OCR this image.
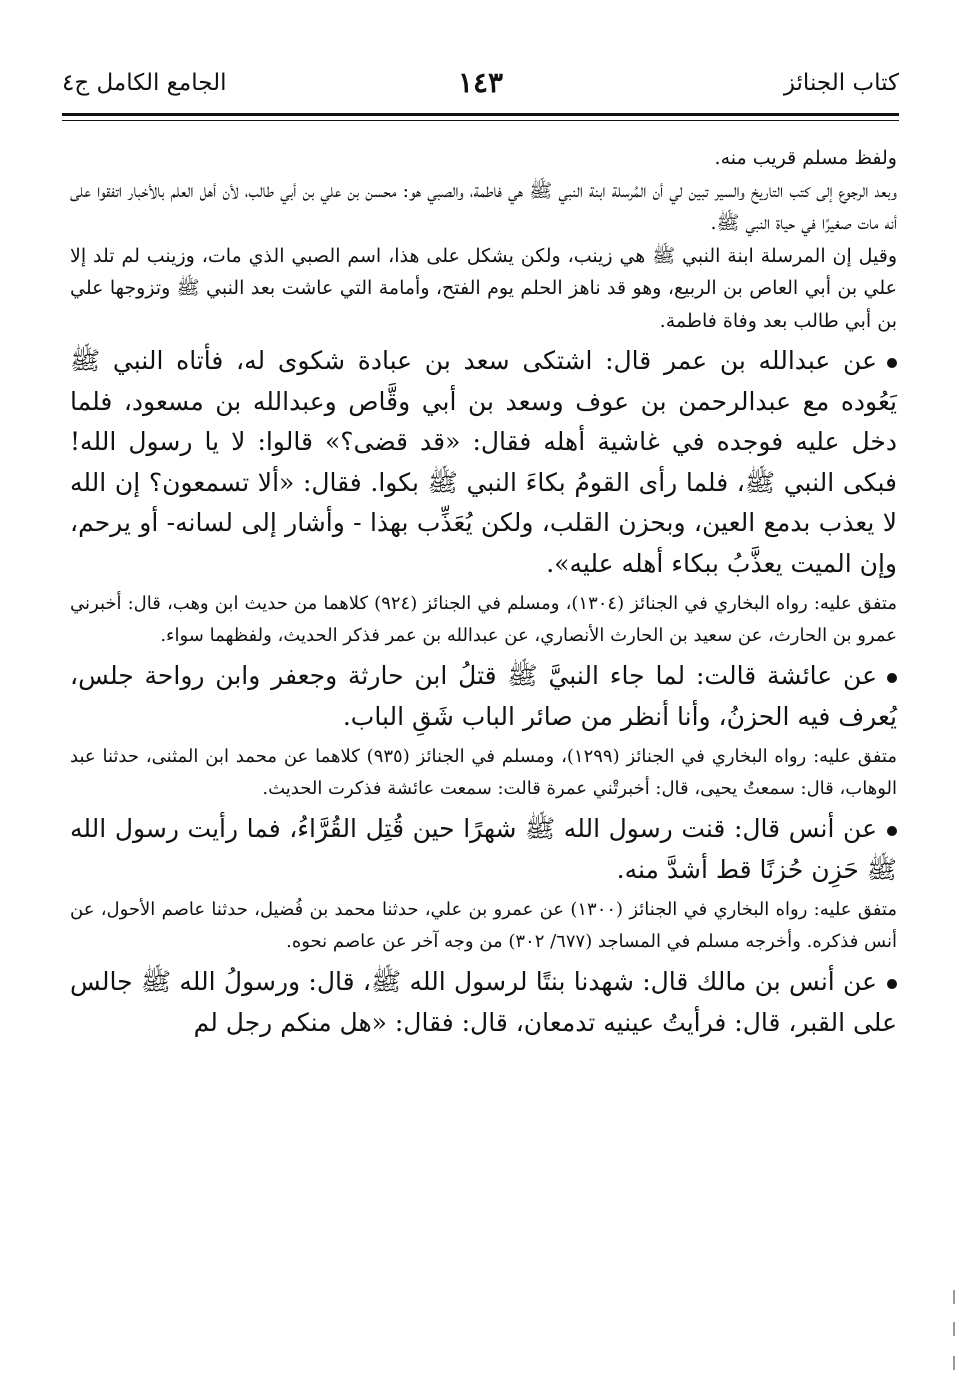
كتاب الجنائز
١٤٣
الجامع الكامل ج٤

ولفظ مسلم قريب منه.

وبعد الرجوع إلى كتب التاريخ والسير تبين لي أن المُرسلة ابنة النبي ﷺ هي فاطمة، والصبي هو: محسن بن علي بن أبي طالب، لأن أهل العلم بالأخبار اتفقوا على أنه مات صغيرًا في حياة النبي ﷺ.

وقيل إن المرسلة ابنة النبي ﷺ هي زينب، ولكن يشكل على هذا، اسم الصبي الذي مات، وزينب لم تلد إلا علي بن أبي العاص بن الربيع، وهو قد ناهز الحلم يوم الفتح، وأمامة التي عاشت بعد النبي ﷺ وتزوجها علي بن أبي طالب بعد وفاة فاطمة.

عن عبدالله بن عمر قال: اشتكى سعد بن عبادة شكوى له، فأتاه النبي ﷺ يَعُوده مع عبدالرحمن بن عوف وسعد بن أبي وقَّاص وعبدالله بن مسعود، فلما دخل عليه فوجده في غاشية أهله فقال: «قد قضى؟» قالوا: لا يا رسول الله! فبكى النبي ﷺ، فلما رأى القومُ بكاءَ النبي ﷺ بكوا. فقال: «ألا تسمعون؟ إن الله لا يعذب بدمع العين، وبحزن القلب، ولكن يُعَذِّب بهذا - وأشار إلى لسانه- أو يرحم، وإن الميت يعذَّبُ ببكاء أهله عليه».

متفق عليه: رواه البخاري في الجنائز (١٣٠٤)، ومسلم في الجنائز (٩٢٤) كلاهما من حديث ابن وهب، قال: أخبرني عمرو بن الحارث، عن سعيد بن الحارث الأنصاري، عن عبدالله بن عمر فذكر الحديث، ولفظهما سواء.

عن عائشة قالت: لما جاء النبيَّ ﷺ قتلُ ابن حارثة وجعفر وابن رواحة جلس، يُعرف فيه الحزنُ، وأنا أنظر من صائر الباب شَقِ الباب.

متفق عليه: رواه البخاري في الجنائز (١٢٩٩)، ومسلم في الجنائز (٩٣٥) كلاهما عن محمد ابن المثنى، حدثنا عبد الوهاب، قال: سمعتُ يحيى، قال: أخبرتْني عمرة قالت: سمعت عائشة فذكرت الحديث.

عن أنس قال: قنت رسول الله ﷺ شهرًا حين قُتِل القُرَّاءُ، فما رأيت رسول الله ﷺ حَزِن حُزنًا قط أشدَّ منه.

متفق عليه: رواه البخاري في الجنائز (١٣٠٠) عن عمرو بن علي، حدثنا محمد بن فُضيل، حدثنا عاصم الأحول، عن أنس فذكره. وأخرجه مسلم في المساجد (٦٧٧/ ٣٠٢) من وجه آخر عن عاصم نحوه.

عن أنس بن مالك قال: شهدنا بنتًا لرسول الله ﷺ، قال: ورسولُ الله ﷺ جالس على القبر، قال: فرأيتُ عينيه تدمعان، قال: فقال: «هل منكم رجل لم
